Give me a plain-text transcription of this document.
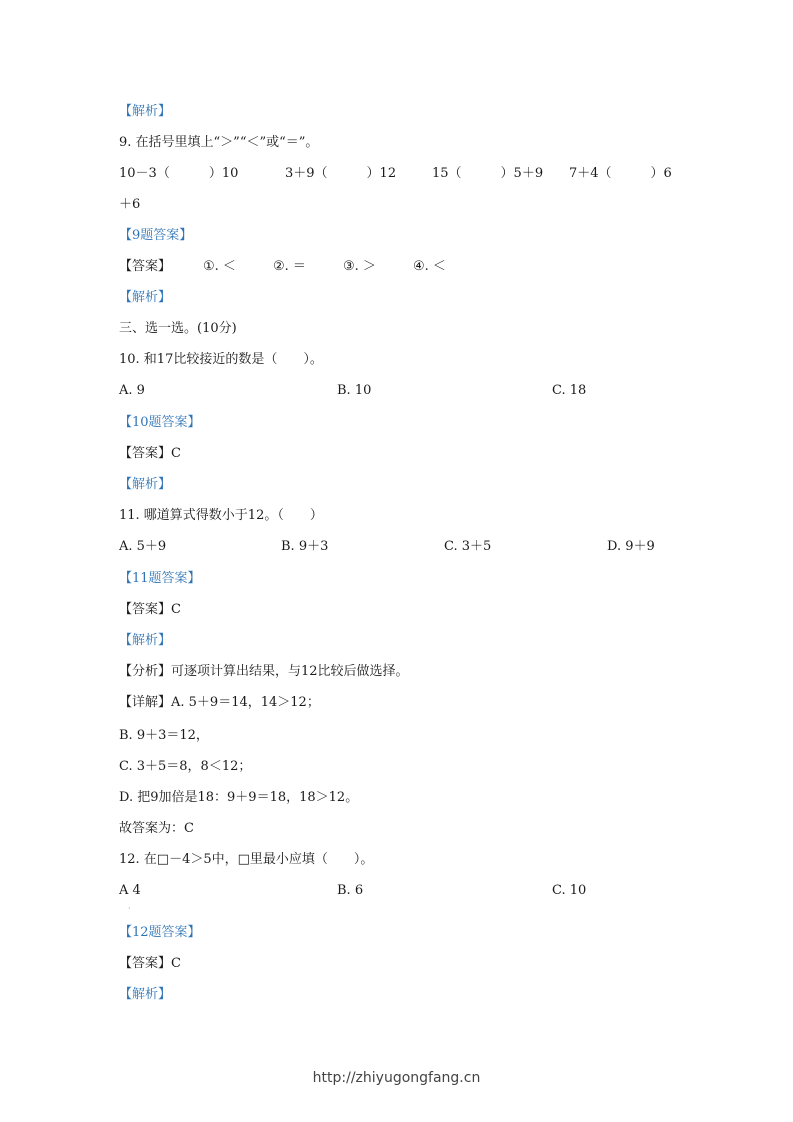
【解析】
9. 在括号里填上“＞”“＜”或“＝”。
10－3（　　　）10	3＋9（　　　）12	15（　　　）5＋9 7＋4（　　　）6
＋6
【9题答案】
【答案】 ①. ＜	②. ＝	③. ＞	④. ＜
【解析】
三、选一选。(10分)
10. 和17比较接近的数是（　　）。
A. 9	B. 10	C. 18
【10题答案】
【答案】C
【解析】
11. 哪道算式得数小于12。（　　）
A. 5＋9	B. 9＋3	C. 3＋5	D. 9＋9
【11题答案】
【答案】C
【解析】
【分析】可逐项计算出结果，与12比较后做选择。
【详解】A. 5＋9＝14，14＞12；
B. 9＋3＝12，
C. 3＋5＝8，8＜12；
D. 把9加倍是18：9＋9＝18，18＞12。
故答案为：C
12. 在□－4＞5中，□里最小应填（　　）。
A 4	B. 6	C. 10
·
【12题答案】
【答案】C
【解析】
http://zhiyugongfang.cn
